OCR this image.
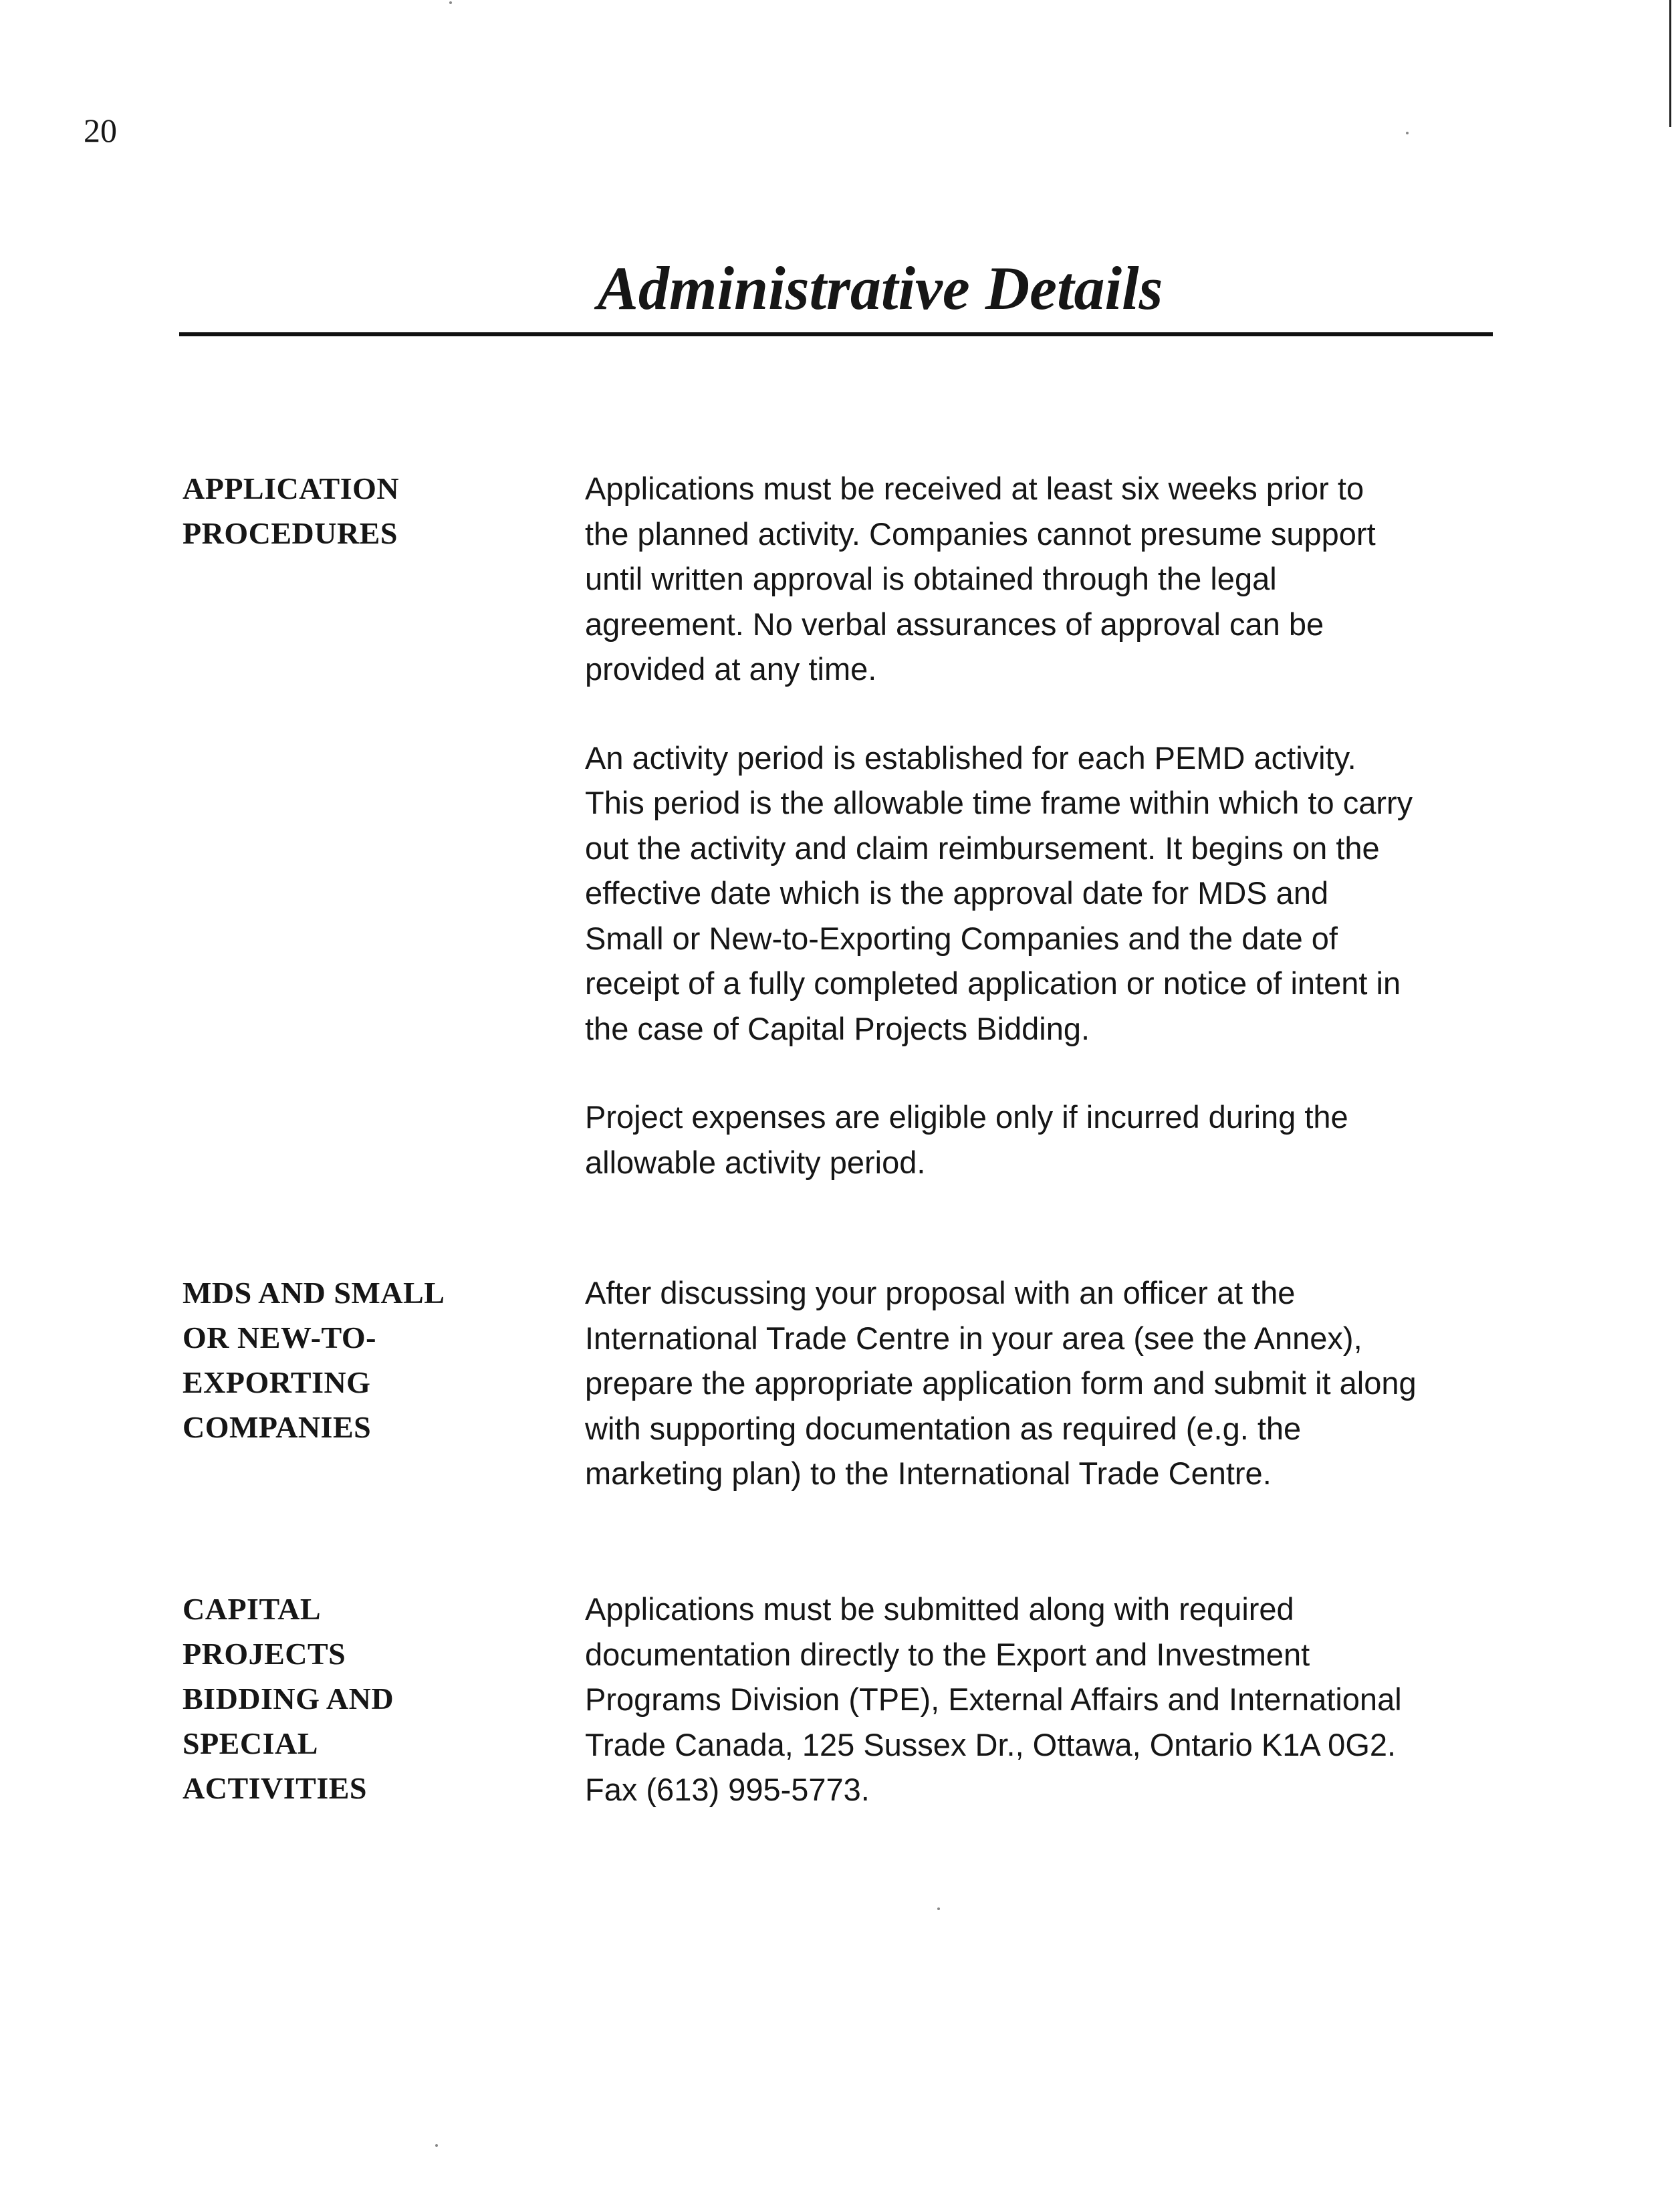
20
Administrative Details
APPLICATION
PROCEDURES

Applications must be received at least six weeks prior to
the planned activity. Companies cannot presume support
until written approval is obtained through the legal
agreement. No verbal assurances of approval can be
provided at any time.

An activity period is established for each PEMD activity.
This period is the allowable time frame within which to carry
out the activity and claim reimbursement. It begins on the
effective date which is the approval date for MDS and
Small or New-to-Exporting Companies and the date of
receipt of a fully completed application or notice of intent in
the case of Capital Projects Bidding.

Project expenses are eligible only if incurred during the
allowable activity period.

MDS AND SMALL
OR NEW-TO-
EXPORTING
COMPANIES

After discussing your proposal with an officer at the
International Trade Centre in your area (see the Annex),
prepare the appropriate application form and submit it along
with supporting documentation as required (e.g. the
marketing plan) to the International Trade Centre.

CAPITAL
PROJECTS
BIDDING AND
SPECIAL
ACTIVITIES

Applications must be submitted along with required
documentation directly to the Export and Investment
Programs Division (TPE), External Affairs and International
Trade Canada, 125 Sussex Dr., Ottawa, Ontario K1A 0G2.
Fax (613) 995-5773.
